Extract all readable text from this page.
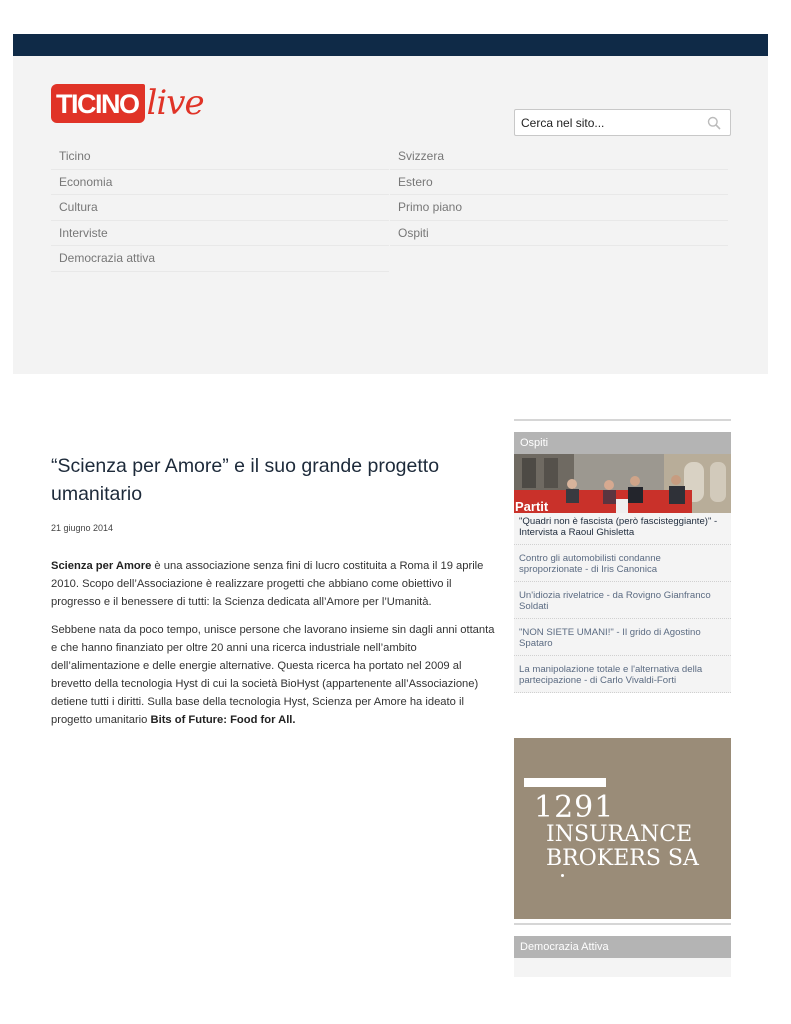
TICINO live
Cerca nel sito...
Ticino
Economia
Cultura
Interviste
Democrazia attiva
Svizzera
Estero
Primo piano
Ospiti
“Scienza per Amore” e il suo grande progetto umanitario
21 giugno 2014

Scienza per Amore è una associazione senza fini di lucro costituita a Roma il 19 aprile 2010. Scopo dell’Associazione è realizzare progetti che abbiano come obiettivo il progresso e il benessere di tutti: la Scienza dedicata all’Amore per l’Umanità.

Sebbene nata da poco tempo, unisce persone che lavorano insieme sin dagli anni ottanta e che hanno finanziato per oltre 20 anni una ricerca industriale nell’ambito dell’alimentazione e delle energie alternative. Questa ricerca ha portato nel 2009 al brevetto della tecnologia Hyst di cui la società BioHyst (appartenente all’Associazione) detiene tutti i diritti. Sulla base della tecnologia Hyst, Scienza per Amore ha ideato il progetto umanitario Bits of Future: Food for All.

Ospiti
Partit
"Quadri non è fascista (però fascisteggiante)" - Intervista a Raoul Ghisletta
Contro gli automobilisti condanne sproporzionate - di Iris Canonica
Un'idiozia rivelatrice - da Rovigno Gianfranco Soldati
"NON SIETE UMANI!" - Il grido di Agostino Spataro
La manipolazione totale e l'alternativa della partecipazione - di Carlo Vivaldi-Forti
1291
INSURANCE
BROKERS SA
Democrazia Attiva
